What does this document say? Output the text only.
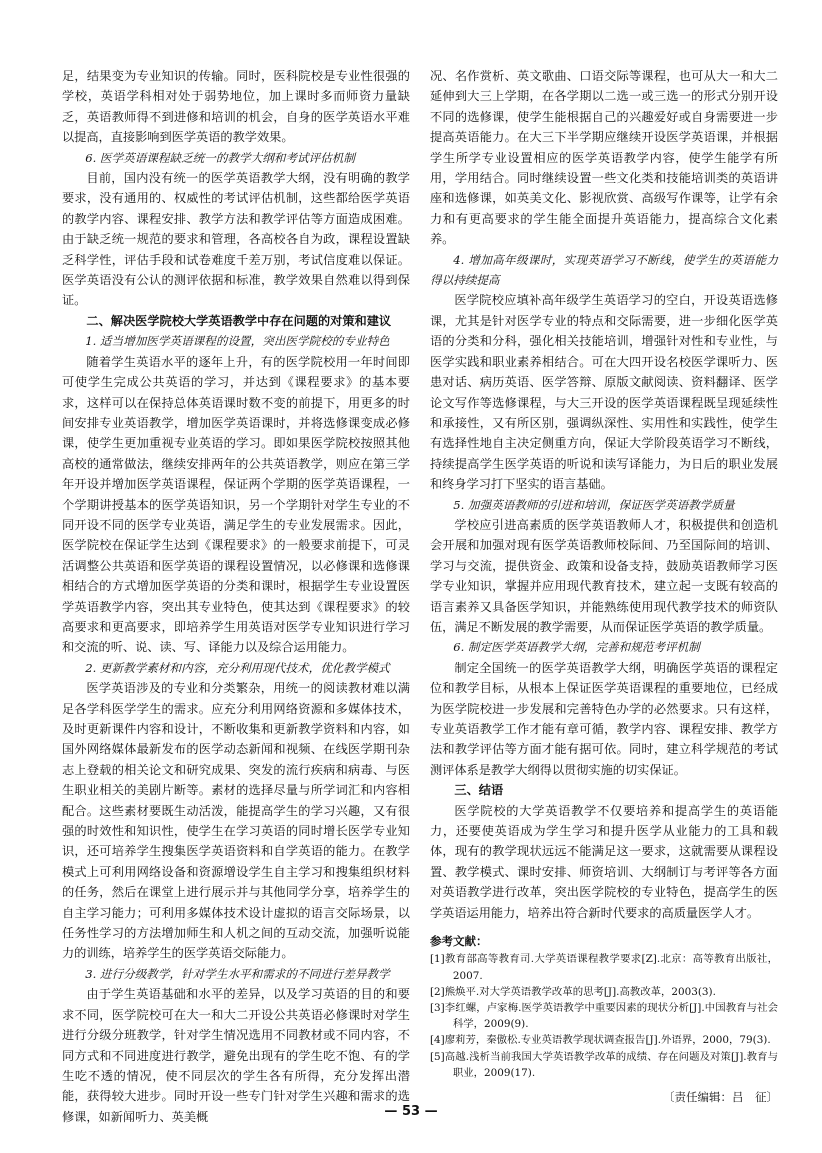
足，结果变为专业知识的传输。同时，医科院校是专业性很强的学校，英语学科相对处于弱势地位，加上课时多而师资力量缺乏，英语教师得不到进修和培训的机会，自身的医学英语水平难以提高，直接影响到医学英语的教学效果。

6. 医学英语课程缺乏统一的教学大纲和考试评估机制

目前，国内没有统一的医学英语教学大纲，没有明确的教学要求，没有通用的、权威性的考试评估机制，这些都给医学英语的教学内容、课程安排、教学方法和教学评估等方面造成困难。由于缺乏统一规范的要求和管理，各高校各自为政，课程设置缺乏科学性，评估手段和试卷难度千差万别，考试信度难以保证。医学英语没有公认的测评依据和标准，教学效果自然难以得到保证。

二、解决医学院校大学英语教学中存在问题的对策和建议

1. 适当增加医学英语课程的设置，突出医学院校的专业特色

随着学生英语水平的逐年上升，有的医学院校用一年时间即可使学生完成公共英语的学习，并达到《课程要求》的基本要求，这样可以在保持总体英语课时数不变的前提下，用更多的时间安排专业英语教学，增加医学英语课时，并将选修课变成必修课，使学生更加重视专业英语的学习。即如果医学院校按照其他高校的通常做法，继续安排两年的公共英语教学，则应在第三学年开设并增加医学英语课程，保证两个学期的医学英语课程，一个学期讲授基本的医学英语知识，另一个学期针对学生专业的不同开设不同的医学专业英语，满足学生的专业发展需求。因此，医学院校在保证学生达到《课程要求》的一般要求前提下，可灵活调整公共英语和医学英语的课程设置情况，以必修课和选修课相结合的方式增加医学英语的分类和课时，根据学生专业设置医学英语教学内容，突出其专业特色，使其达到《课程要求》的较高要求和更高要求，即培养学生用英语对医学专业知识进行学习和交流的听、说、读、写、译能力以及综合运用能力。

2. 更新教学素材和内容，充分利用现代技术，优化教学模式

医学英语涉及的专业和分类繁杂，用统一的阅读教材难以满足各学科医学学生的需求。应充分利用网络资源和多媒体技术，及时更新课件内容和设计，不断收集和更新教学资料和内容，如国外网络媒体最新发布的医学动态新闻和视频、在线医学期刊杂志上登载的相关论文和研究成果、突发的流行疾病和病毒、与医生职业相关的美剧片断等。素材的选择尽量与所学词汇和内容相配合。这些素材要既生动活泼，能提高学生的学习兴趣，又有很强的时效性和知识性，使学生在学习英语的同时增长医学专业知识，还可培养学生搜集医学英语资料和自学英语的能力。在教学模式上可利用网络设备和资源增设学生自主学习和搜集组织材料的任务，然后在课堂上进行展示并与其他同学分享，培养学生的自主学习能力；可利用多媒体技术设计虚拟的语言交际场景，以任务性学习的方法增加师生和人机之间的互动交流，加强听说能力的训练，培养学生的医学英语交际能力。

3. 进行分级教学，针对学生水平和需求的不同进行差异教学

由于学生英语基础和水平的差异，以及学习英语的目的和要求不同，医学院校可在大一和大二开设公共英语必修课时对学生进行分级分班教学，针对学生情况选用不同教材或不同内容，不同方式和不同进度进行教学，避免出现有的学生吃不饱、有的学生吃不透的情况，使不同层次的学生各有所得，充分发挥出潜能，获得较大进步。同时开设一些专门针对学生兴趣和需求的选修课，如新闻听力、英美概

况、名作赏析、英文歌曲、口语交际等课程，也可从大一和大二延伸到大三上学期，在各学期以二选一或三选一的形式分别开设不同的选修课，使学生能根据自己的兴趣爱好或自身需要进一步提高英语能力。在大三下半学期应继续开设医学英语课，并根据学生所学专业设置相应的医学英语教学内容，使学生能学有所用，学用结合。同时继续设置一些文化类和技能培训类的英语讲座和选修课，如英美文化、影视欣赏、高级写作课等，让学有余力和有更高要求的学生能全面提升英语能力，提高综合文化素养。

4. 增加高年级课时，实现英语学习不断线，使学生的英语能力得以持续提高

医学院校应填补高年级学生英语学习的空白，开设英语选修课，尤其是针对医学专业的特点和交际需要，进一步细化医学英语的分类和分科，强化相关技能培训，增强针对性和专业性，与医学实践和职业素养相结合。可在大四开设名校医学课听力、医患对话、病历英语、医学答辩、原版文献阅读、资料翻译、医学论文写作等选修课程，与大三开设的医学英语课程既呈现延续性和承接性，又有所区别，强调纵深性、实用性和实践性，使学生有选择性地自主决定侧重方向，保证大学阶段英语学习不断线，持续提高学生医学英语的听说和读写译能力，为日后的职业发展和终身学习打下坚实的语言基础。

5. 加强英语教师的引进和培训，保证医学英语教学质量

学校应引进高素质的医学英语教师人才，积极提供和创造机会开展和加强对现有医学英语教师校际间、乃至国际间的培训、学习与交流，提供资金、政策和设备支持，鼓励英语教师学习医学专业知识，掌握并应用现代教育技术，建立起一支既有较高的语言素养又具备医学知识，并能熟练使用现代教学技术的师资队伍，满足不断发展的教学需要，从而保证医学英语的教学质量。

6. 制定医学英语教学大纲，完善和规范考评机制

制定全国统一的医学英语教学大纲，明确医学英语的课程定位和教学目标，从根本上保证医学英语课程的重要地位，已经成为医学院校进一步发展和完善特色办学的必然要求。只有这样，专业英语教学工作才能有章可循，教学内容、课程安排、教学方法和教学评估等方面才能有据可依。同时，建立科学规范的考试测评体系是教学大纲得以贯彻实施的切实保证。

三、结语

医学院校的大学英语教学不仅要培养和提高学生的英语能力，还要使英语成为学生学习和提升医学从业能力的工具和载体，现有的教学现状远远不能满足这一要求，这就需要从课程设置、教学模式、课时安排、师资培训、大纲制订与考评等各方面对英语教学进行改革，突出医学院校的专业特色，提高学生的医学英语运用能力，培养出符合新时代要求的高质量医学人才。

参考文献：

[1]教育部高等教育司.大学英语课程教学要求[Z].北京：高等教育出版社，2007.

[2]熊焕平.对大学英语教学改革的思考[J].高教改革，2003(3).

[3]李红螺，卢家梅.医学英语教学中重要因素的现状分析[J].中国教育与社会科学，2009(9).

[4]廖莉芳，秦傲松.专业英语教学现状调查报告[J].外语界，2000，79(3).

[5]高越.浅析当前我国大学英语教学改革的成绩、存在问题及对策[J].教育与职业，2009(17).

〔责任编辑：吕　征〕
— 53 —
